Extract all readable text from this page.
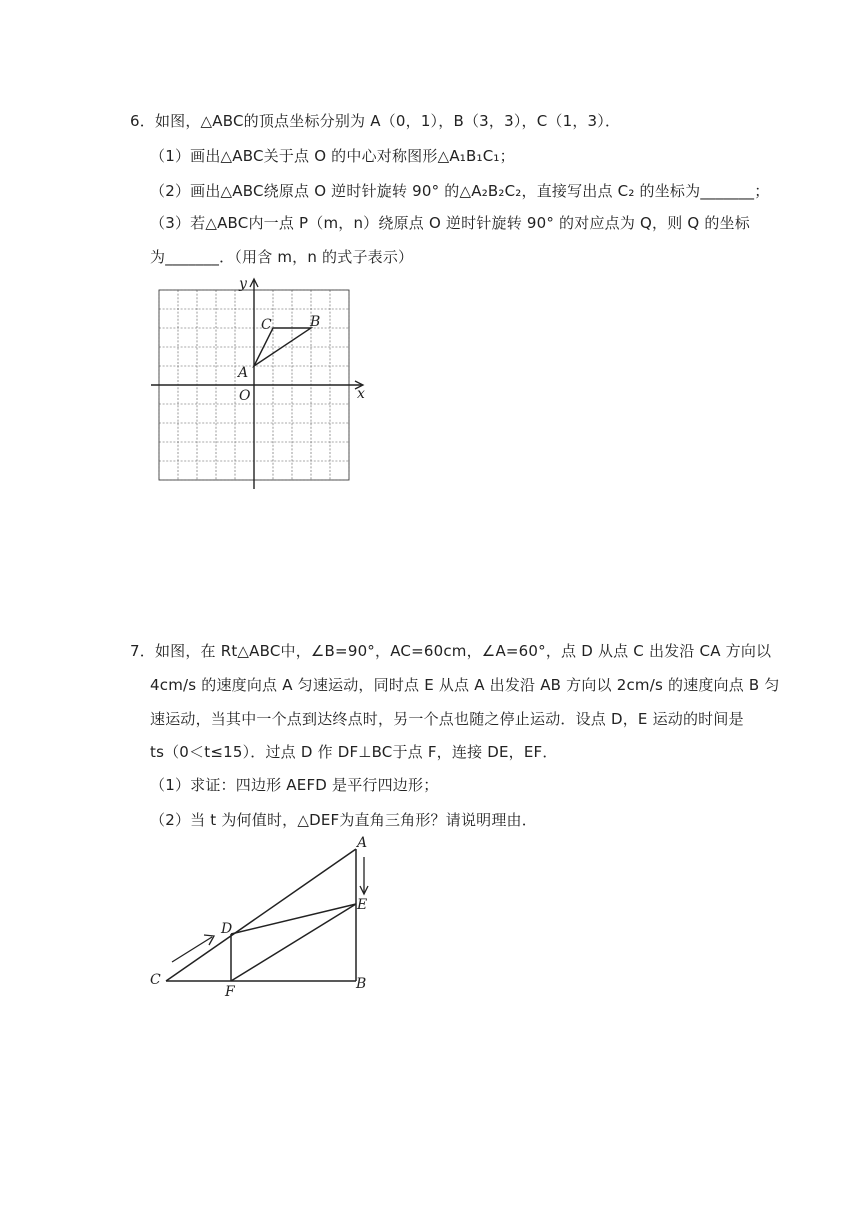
6．如图，△ABC的顶点坐标分别为 A（0，1），B（3，3），C（1，3）．
（1）画出△ABC关于点 O 的中心对称图形△A₁B₁C₁；
（2）画出△ABC绕原点 O 逆时针旋转 90° 的△A₂B₂C₂，直接写出点 C₂ 的坐标为_______；
（3）若△ABC内一点 P（m，n）绕原点 O 逆时针旋转 90° 的对应点为 Q，则 Q 的坐标
为_______．（用含 m，n 的式子表示）
y
x
O
A
B
C
7．如图，在 Rt△ABC中，∠B=90°，AC=60cm，∠A=60°，点 D 从点 C 出发沿 CA 方向以
4cm/s 的速度向点 A 匀速运动，同时点 E 从点 A 出发沿 AB 方向以 2cm/s 的速度向点 B 匀
速运动，当其中一个点到达终点时，另一个点也随之停止运动．设点 D，E 运动的时间是
ts（0＜t≤15）．过点 D 作 DF⊥BC于点 F，连接 DE，EF．
（1）求证：四边形 AEFD 是平行四边形；
（2）当 t 为何值时，△DEF为直角三角形？请说明理由．
A
B
C
D
E
F
